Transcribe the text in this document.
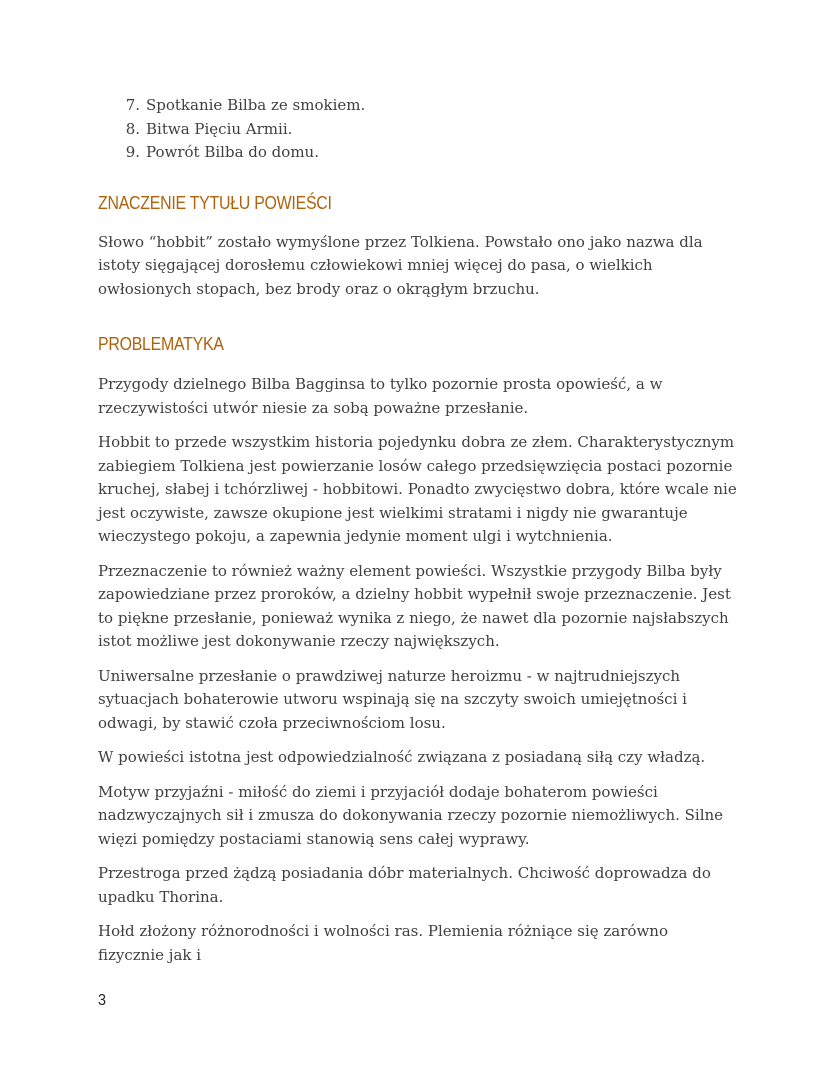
7. Spotkanie Bilba ze smokiem.
8. Bitwa Pięciu Armii.
9. Powrót Bilba do domu.
ZNACZENIE TYTUŁU POWIEŚCI

Słowo “hobbit” zostało wymyślone przez Tolkiena. Powstało ono jako nazwa dla istoty sięgającej dorosłemu człowiekowi mniej więcej do pasa, o wielkich owłosionych stopach, bez brody oraz o okrągłym brzuchu.

PROBLEMATYKA

Przygody dzielnego Bilba Bagginsa to tylko pozornie prosta opowieść, a w rzeczywistości utwór niesie za sobą poważne przesłanie.

Hobbit to przede wszystkim historia pojedynku dobra ze złem. Charakterystycznym zabiegiem Tolkiena jest powierzanie losów całego przedsięwzięcia postaci pozornie kruchej, słabej i tchórzliwej - hobbitowi. Ponadto zwycięstwo dobra, które wcale nie jest oczywiste, zawsze okupione jest wielkimi stratami i nigdy nie gwarantuje wieczystego pokoju, a zapewnia jedynie moment ulgi i wytchnienia.

Przeznaczenie to również ważny element powieści. Wszystkie przygody Bilba były zapowiedziane przez proroków, a dzielny hobbit wypełnił swoje przeznaczenie. Jest to piękne przesłanie, ponieważ wynika z niego, że nawet dla pozornie najsłabszych istot możliwe jest dokonywanie rzeczy największych.

Uniwersalne przesłanie o prawdziwej naturze heroizmu - w najtrudniejszych sytuacjach bohaterowie utworu wspinają się na szczyty swoich umiejętności i odwagi, by stawić czoła przeciwnościom losu.

W powieści istotna jest odpowiedzialność związana z posiadaną siłą czy władzą.

Motyw przyjaźni - miłość do ziemi i przyjaciół dodaje bohaterom powieści nadzwyczajnych sił i zmusza do dokonywania rzeczy pozornie niemożliwych. Silne więzi pomiędzy postaciami stanowią sens całej wyprawy.

Przestroga przed żądzą posiadania dóbr materialnych. Chciwość doprowadza do upadku Thorina.

Hołd złożony różnorodności i wolności ras. Plemienia różniące się zarówno fizycznie jak i

3
